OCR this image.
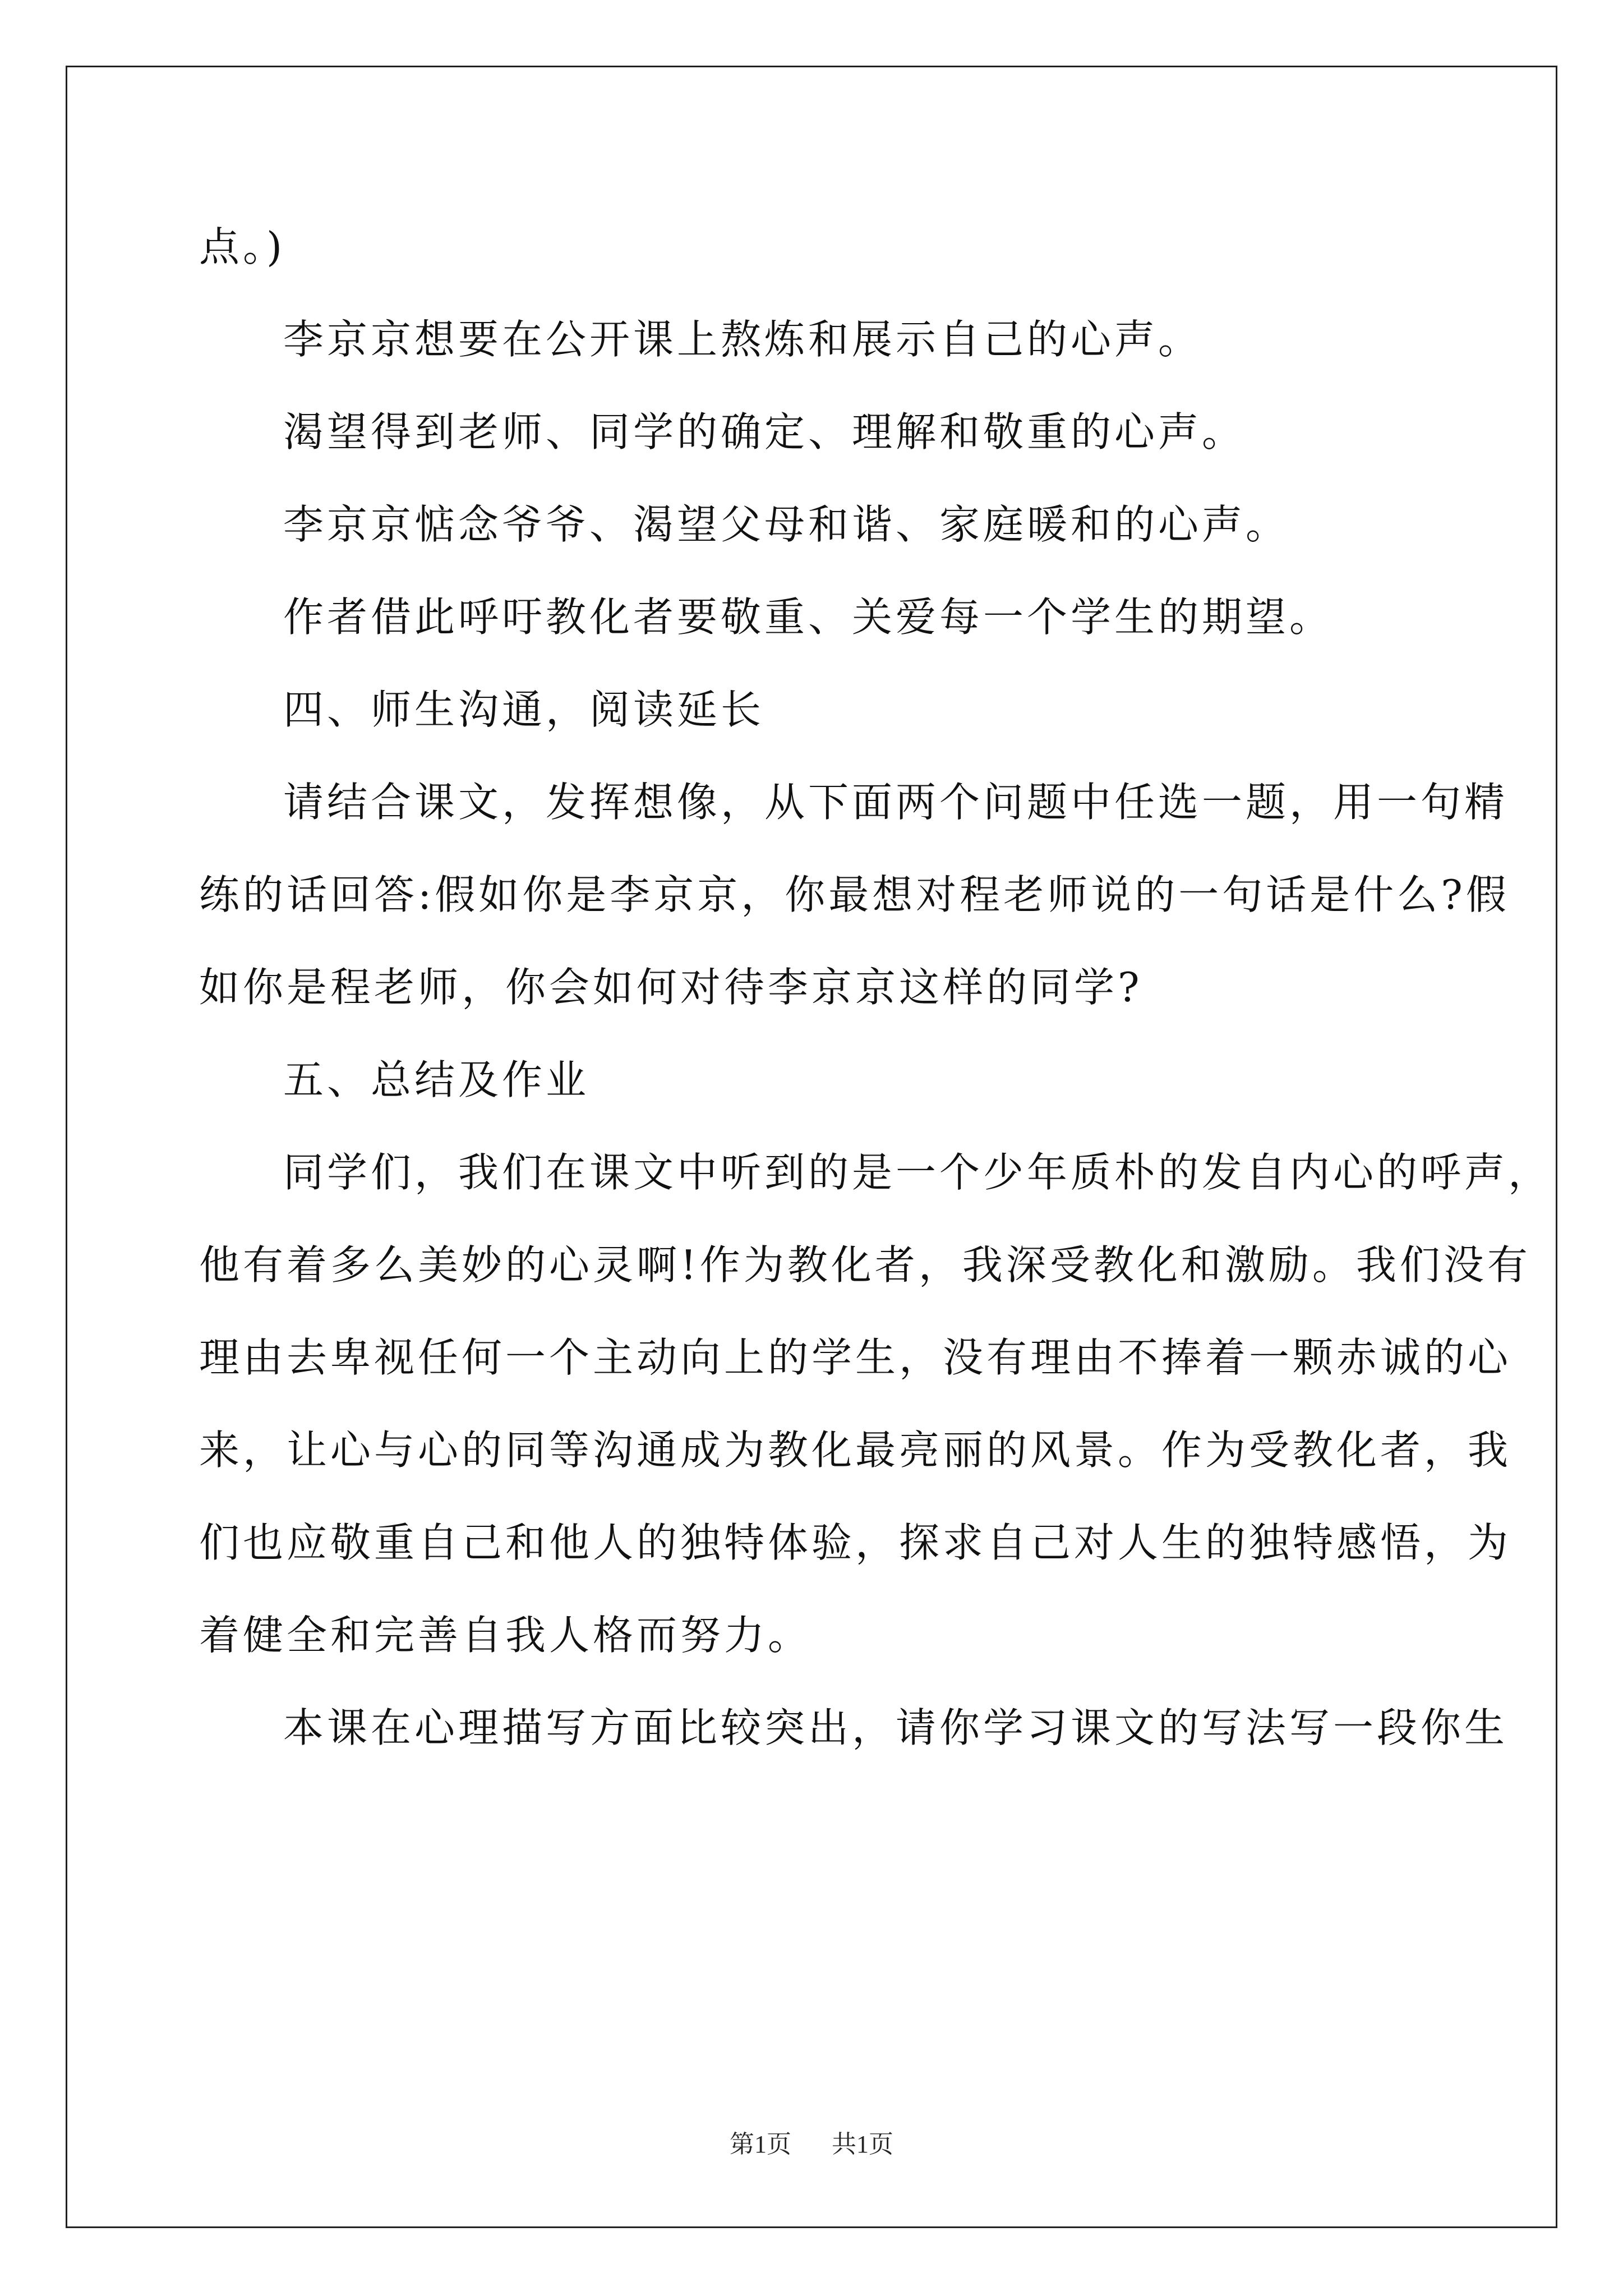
点。)
李京京想要在公开课上熬炼和展示自己的心声。
渴望得到老师、同学的确定、理解和敬重的心声。
李京京惦念爷爷、渴望父母和谐、家庭暖和的心声。
作者借此呼吁教化者要敬重、关爱每一个学生的期望。
四、师生沟通，阅读延长
请结合课文，发挥想像，从下面两个问题中任选一题，用一句精
练的话回答:假如你是李京京，你最想对程老师说的一句话是什么?假
如你是程老师，你会如何对待李京京这样的同学?
五、总结及作业
同学们，我们在课文中听到的是一个少年质朴的发自内心的呼声，
他有着多么美妙的心灵啊!作为教化者，我深受教化和激励。我们没有
理由去卑视任何一个主动向上的学生，没有理由不捧着一颗赤诚的心
来，让心与心的同等沟通成为教化最亮丽的风景。作为受教化者，我
们也应敬重自己和他人的独特体验，探求自己对人生的独特感悟，为
着健全和完善自我人格而努力。
本课在心理描写方面比较突出，请你学习课文的写法写一段你生
第1页 共1页
